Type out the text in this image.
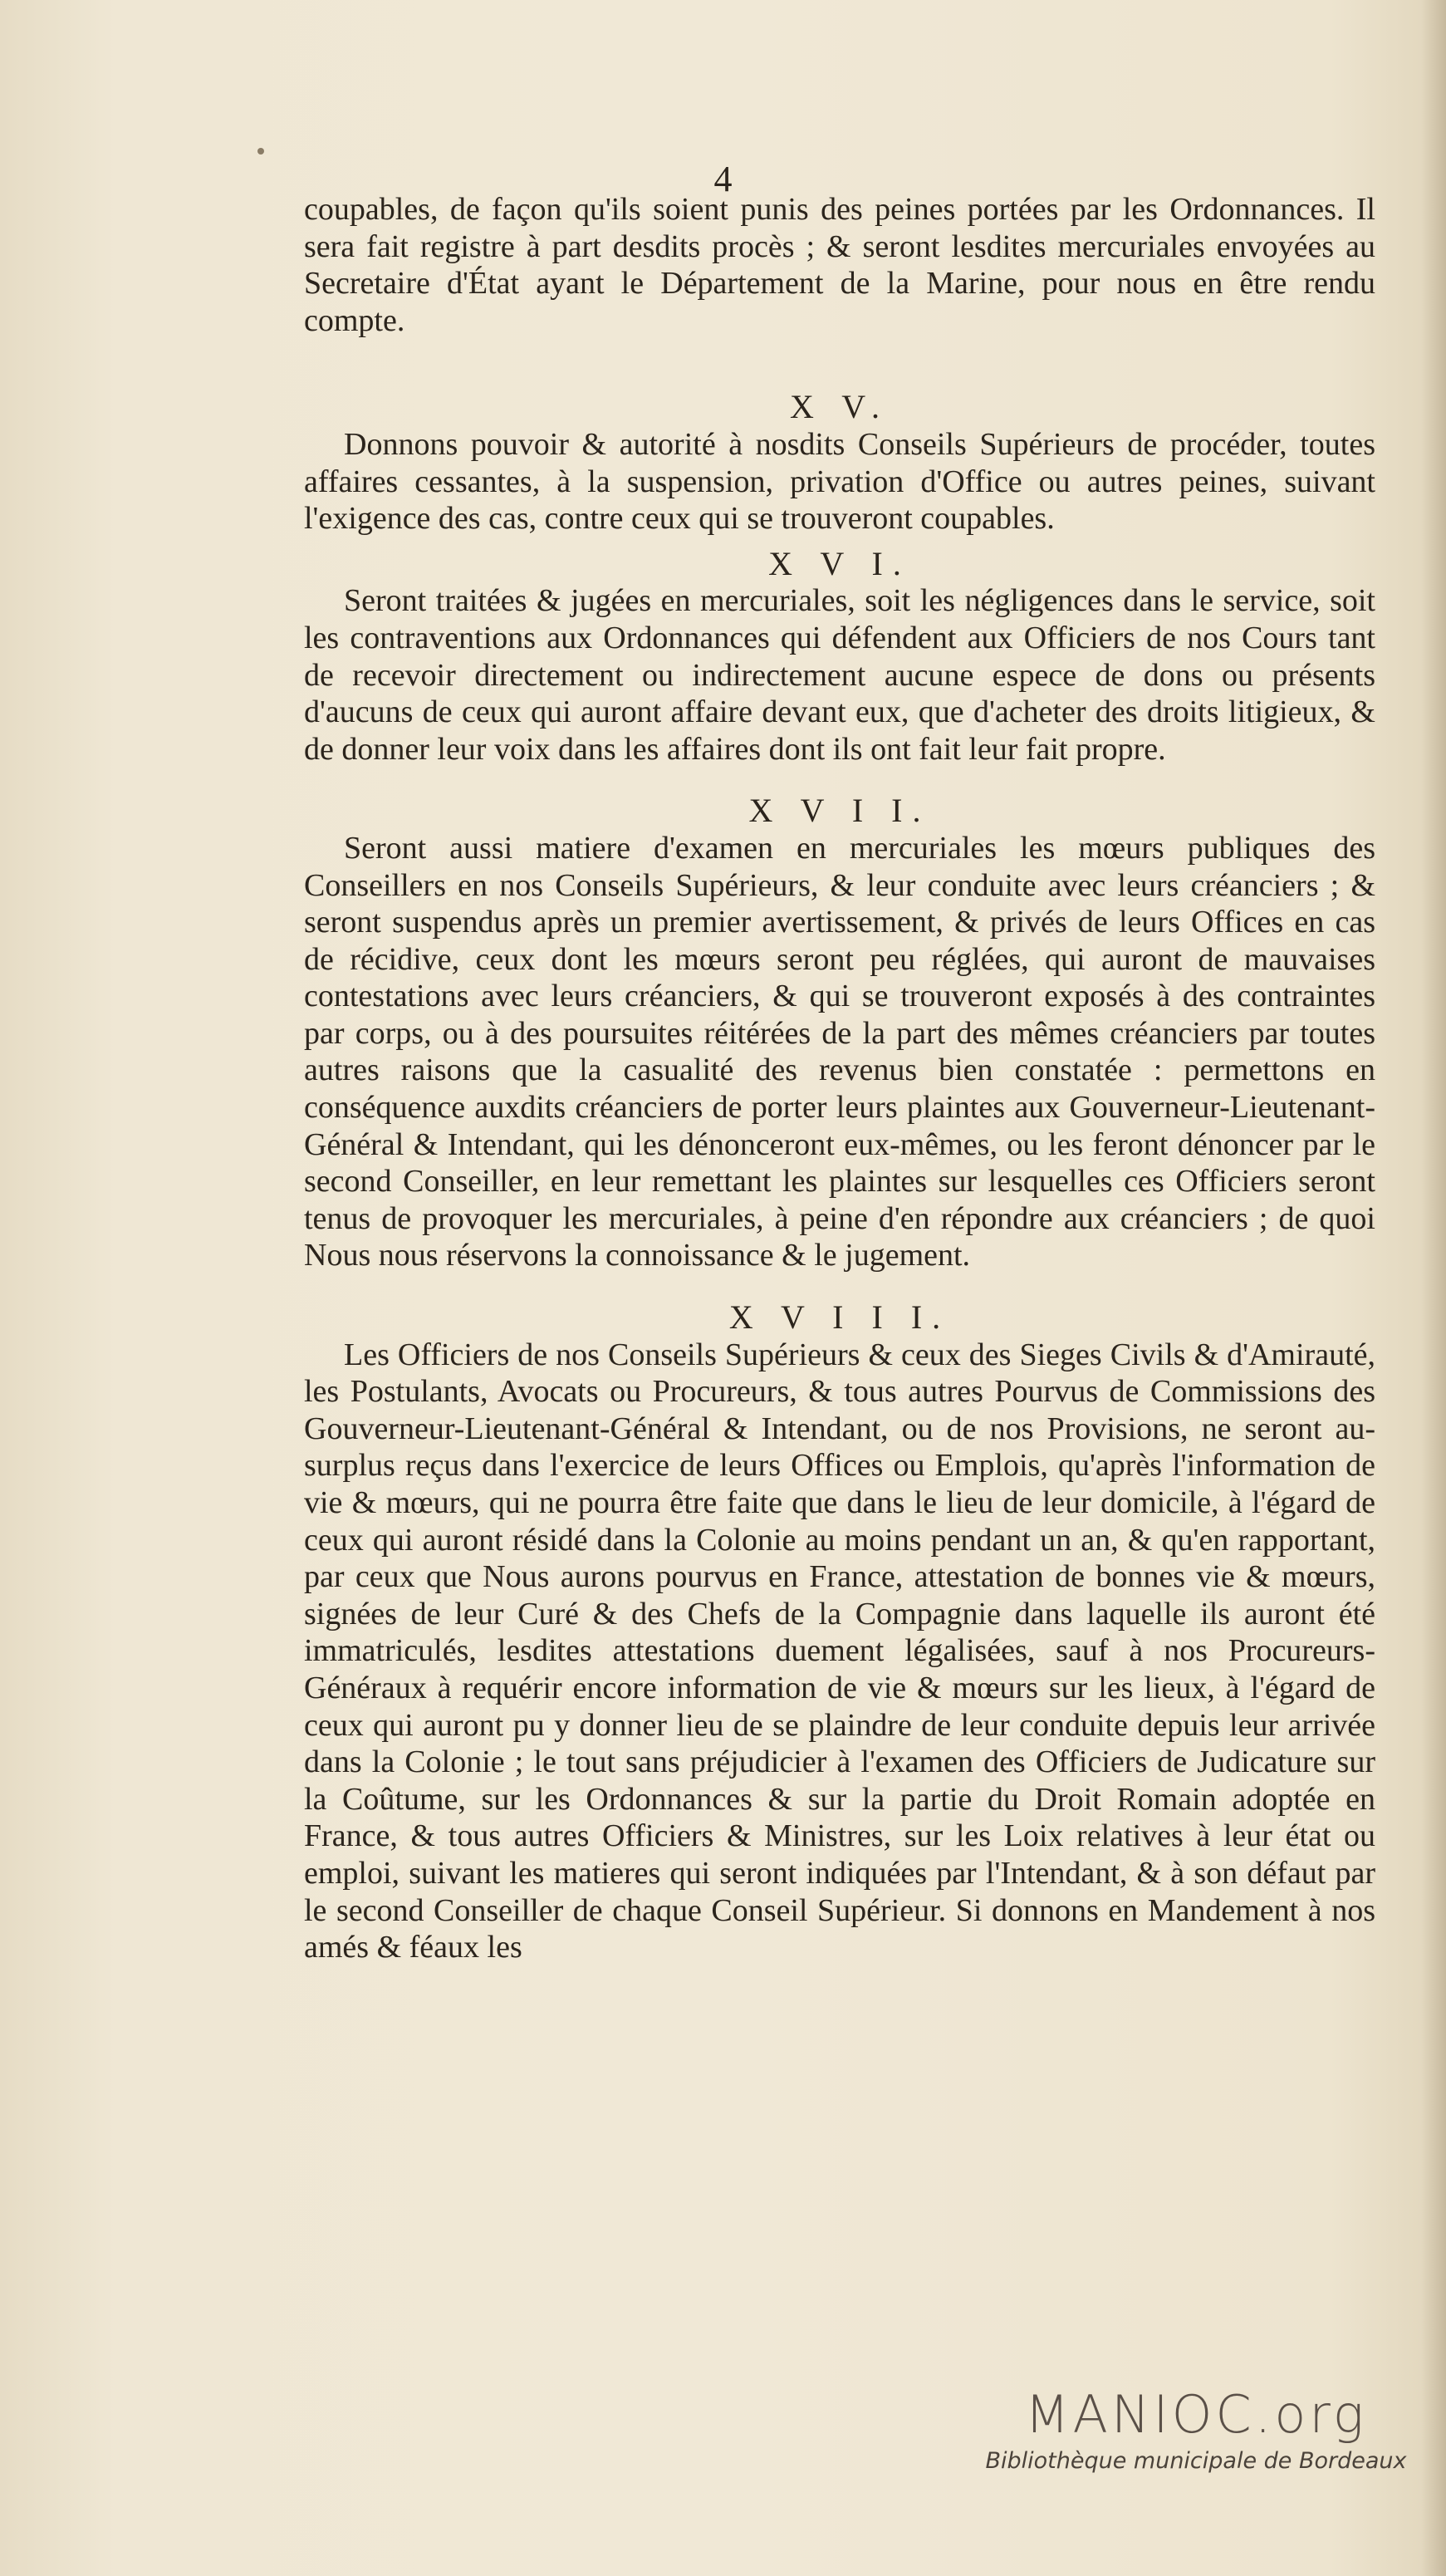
4

coupables, de façon qu'ils soient punis des peines portées par les Ordonnances. Il sera fait registre à part desdits procès ; & seront lesdites mercuriales envoyées au Secretaire d'État ayant le Département de la Marine, pour nous en être rendu compte.

X V.

Donnons pouvoir & autorité à nosdits Conseils Supérieurs de procéder, toutes affaires cessantes, à la suspension, privation d'Office ou autres peines, suivant l'exigence des cas, contre ceux qui se trouveront coupables.

X V I.

Seront traitées & jugées en mercuriales, soit les négligences dans le service, soit les contraventions aux Ordonnances qui défendent aux Officiers de nos Cours tant de recevoir directement ou indirectement aucune espece de dons ou présents d'aucuns de ceux qui auront affaire devant eux, que d'acheter des droits litigieux, & de donner leur voix dans les affaires dont ils ont fait leur fait propre.

X V I I.

Seront aussi matiere d'examen en mercuriales les mœurs publiques des Conseillers en nos Conseils Supérieurs, & leur conduite avec leurs créanciers ; & seront suspendus après un premier avertissement, & privés de leurs Offices en cas de récidive, ceux dont les mœurs seront peu réglées, qui auront de mauvaises contestations avec leurs créanciers, & qui se trouveront exposés à des contraintes par corps, ou à des poursuites réitérées de la part des mêmes créanciers par toutes autres raisons que la casualité des revenus bien constatée : permettons en conséquence auxdits créanciers de porter leurs plaintes aux Gouverneur-Lieutenant-Général & Intendant, qui les dénonceront eux-mêmes, ou les feront dénoncer par le second Conseiller, en leur remettant les plaintes sur lesquelles ces Officiers seront tenus de provoquer les mercuriales, à peine d'en répondre aux créanciers ; de quoi Nous nous réservons la connoissance & le jugement.

X V I I I.

Les Officiers de nos Conseils Supérieurs & ceux des Sieges Civils & d'Amirauté, les Postulants, Avocats ou Procureurs, & tous autres Pourvus de Commissions des Gouverneur-Lieutenant-Général & Intendant, ou de nos Provisions, ne seront au-surplus reçus dans l'exercice de leurs Offices ou Emplois, qu'après l'information de vie & mœurs, qui ne pourra être faite que dans le lieu de leur domicile, à l'égard de ceux qui auront résidé dans la Colonie au moins pendant un an, & qu'en rapportant, par ceux que Nous aurons pourvus en France, attestation de bonnes vie & mœurs, signées de leur Curé & des Chefs de la Compagnie dans laquelle ils auront été immatriculés, lesdites attestations duement légalisées, sauf à nos Procureurs-Généraux à requérir encore information de vie & mœurs sur les lieux, à l'égard de ceux qui auront pu y donner lieu de se plaindre de leur conduite depuis leur arrivée dans la Colonie ; le tout sans préjudicier à l'examen des Officiers de Judicature sur la Coûtume, sur les Ordonnances & sur la partie du Droit Romain adoptée en France, & tous autres Officiers & Ministres, sur les Loix relatives à leur état ou emploi, suivant les matieres qui seront indiquées par l'Intendant, & à son défaut par le second Conseiller de chaque Conseil Supérieur. Si donnons en Mandement à nos amés & féaux les

MANIOC.org
Bibliothèque municipale de Bordeaux
